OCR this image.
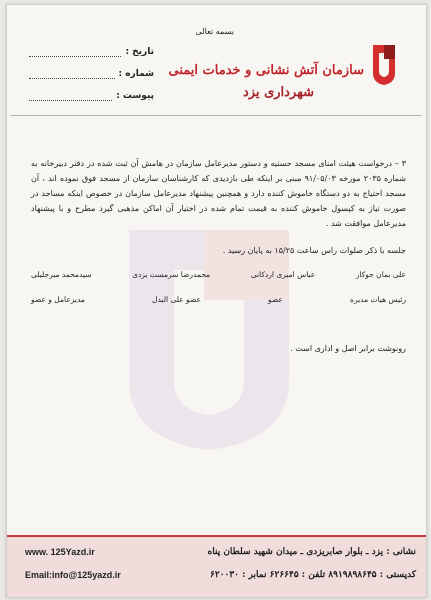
بسمه تعالی
سازمان آتش نشانی و خدمات ایمنی
شهرداری یزد
تاریخ :
شماره :
پیوست :
۳ – درخواست هیئت امنای مسجد حسنیه و دستور مدیرعامل سازمان در هامش آن ثبت شده در دفتر دبیرخانه به شماره ۲۰۳۵ مورخه ۹۱/۰۵/۰۳ مبنی بر اینکه طی بازدیدی که کارشناسان سازمان از مسجد فوق نموده اند ، آن مسجد احتیاج به دو دستگاه خاموش کننده دارد و همچنین پیشنهاد مدیرعامل سازمان در خصوص اینکه مساجد در صورت نیاز به کپسول خاموش کننده به قیمت تمام شده در اختیار آن اماکن مذهبی گیرد مطرح و با پیشنهاد مدیرعامل موافقت شد .
جلسه با ذکر صلوات راس ساعت ۱۵/۲۵ به پایان رسید .
علی بمان جوکار
عباس امیری اردکانی
محمدرضا سرمست یزدی
سیدمحمد میرجلیلی
رئیس هیات مدیره
عضو
عضو علی البدل
مدیرعامل و عضو
رونوشت برابر اصل و اداری است .
نشانی : یزد ـ بلوار صابریزدی ـ میدان شهید سلطان پناه
کدپستی : ۸۹۱۹۸۹۸۶۴۵ تلفن : ۶۲۶۶۴۵ نمابر : ۶۲۰۰۳۰
www. 125Yazd.ir
Email:info@125yazd.ir
